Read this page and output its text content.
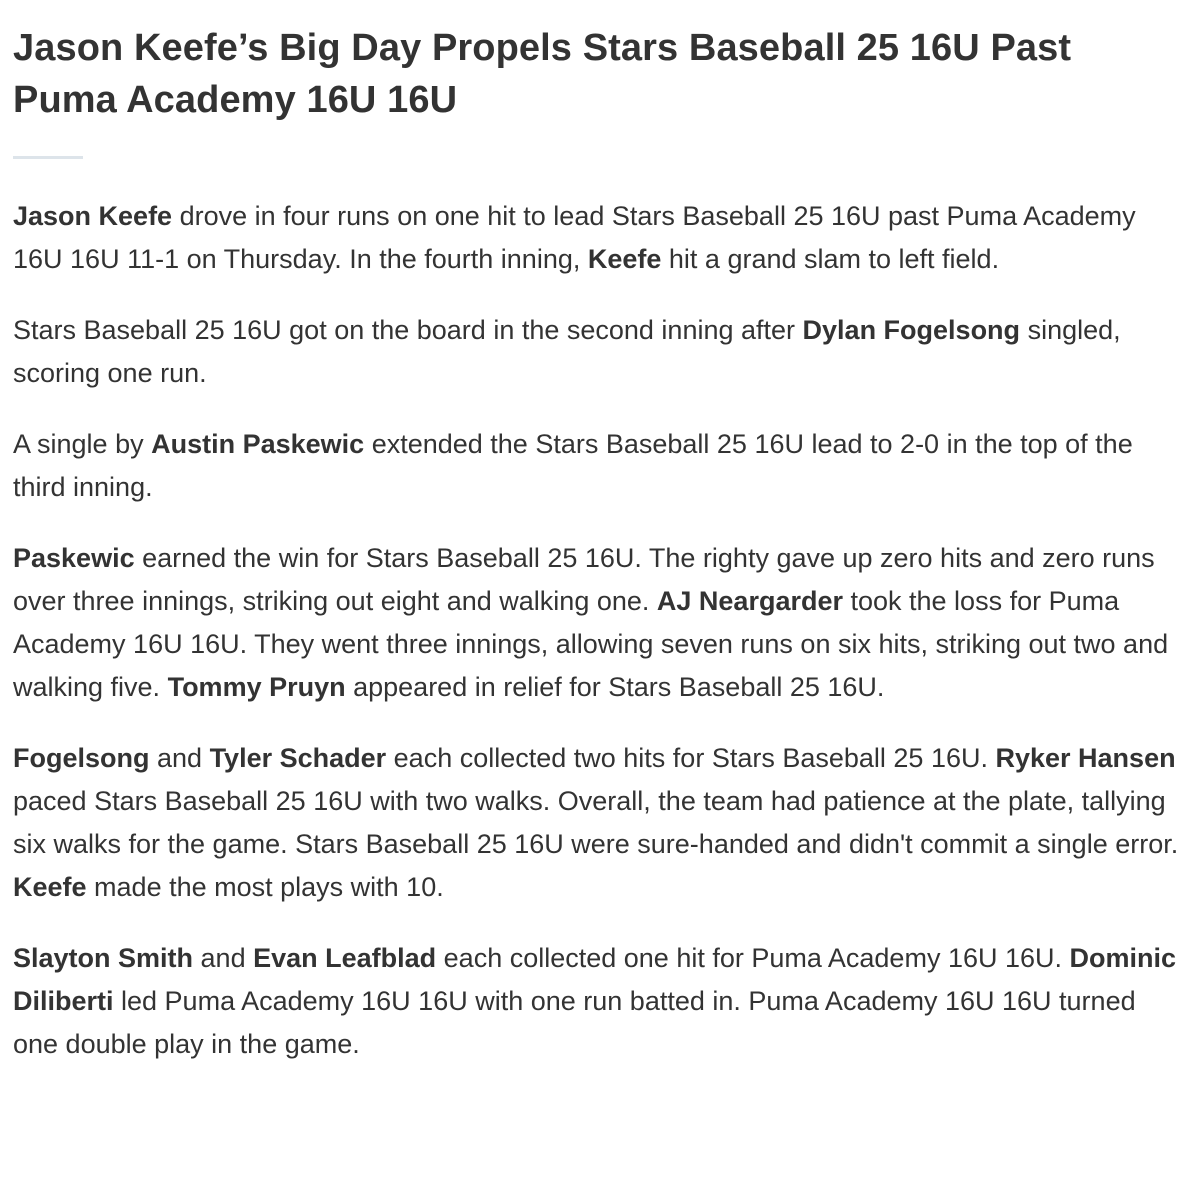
Jason Keefe’s Big Day Propels Stars Baseball 25 16U Past Puma Academy 16U 16U

Jason Keefe drove in four runs on one hit to lead Stars Baseball 25 16U past Puma Academy 16U 16U 11-1 on Thursday. In the fourth inning, Keefe hit a grand slam to left field.

Stars Baseball 25 16U got on the board in the second inning after Dylan Fogelsong singled, scoring one run.

A single by Austin Paskewic extended the Stars Baseball 25 16U lead to 2-0 in the top of the third inning.

Paskewic earned the win for Stars Baseball 25 16U. The righty gave up zero hits and zero runs over three innings, striking out eight and walking one. AJ Neargarder took the loss for Puma Academy 16U 16U. They went three innings, allowing seven runs on six hits, striking out two and walking five. Tommy Pruyn appeared in relief for Stars Baseball 25 16U.

Fogelsong and Tyler Schader each collected two hits for Stars Baseball 25 16U. Ryker Hansen paced Stars Baseball 25 16U with two walks. Overall, the team had patience at the plate, tallying six walks for the game. Stars Baseball 25 16U were sure-handed and didn't commit a single error. Keefe made the most plays with 10.

Slayton Smith and Evan Leafblad each collected one hit for Puma Academy 16U 16U. Dominic Diliberti led Puma Academy 16U 16U with one run batted in. Puma Academy 16U 16U turned one double play in the game.
